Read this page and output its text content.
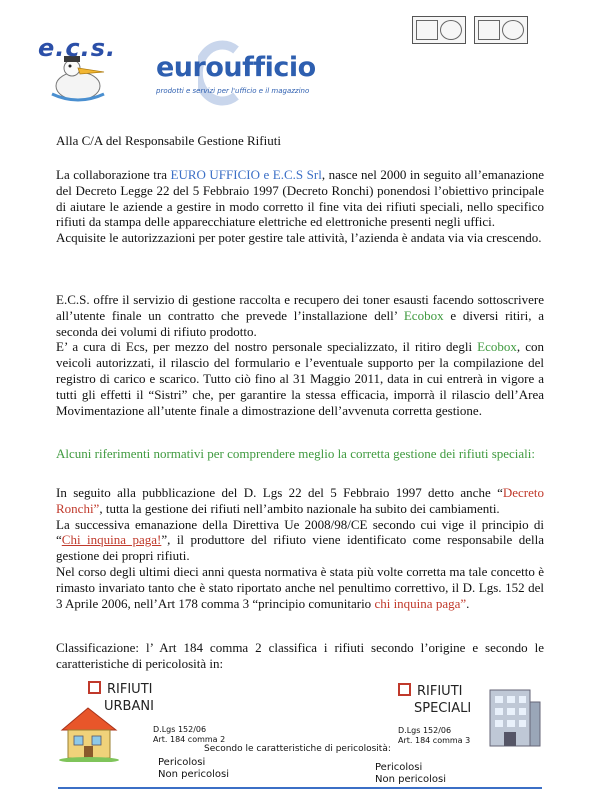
e.c.s.
euroufficio
prodotti e servizi per l'ufficio e il magazzino
Alla C/A del Responsabile Gestione Rifiuti

La collaborazione tra EURO UFFICIO e E.C.S Srl, nasce nel 2000 in seguito all’emanazione del Decreto Legge 22 del 5 Febbraio 1997 (Decreto Ronchi) ponendosi l’obiettivo principale di aiutare le aziende a gestire in modo corretto il fine vita dei rifiuti speciali, nello specifico rifiuti da stampa delle apparecchiature elettriche ed elettroniche presenti negli uffici.

Acquisite le autorizzazioni per poter gestire tale attività, l’azienda è andata via via crescendo.

E.C.S. offre il servizio di gestione raccolta e recupero dei toner esausti facendo sottoscrivere all’utente finale un contratto che prevede l’installazione dell’ Ecobox e diversi ritiri, a seconda dei volumi di rifiuto prodotto.

E’ a cura di Ecs, per mezzo del nostro personale specializzato, il ritiro degli Ecobox, con veicoli autorizzati, il rilascio del formulario e l’eventuale supporto per la compilazione del registro di carico e scarico. Tutto ciò fino al 31 Maggio 2011, data in cui entrerà in vigore a tutti gli effetti il “Sistri” che, per garantire la stessa efficacia, imporrà il rilascio dell’Area Movimentazione all’utente finale a dimostrazione dell’avvenuta corretta gestione.

Alcuni riferimenti normativi per comprendere meglio la corretta gestione dei rifiuti speciali:

In seguito alla pubblicazione del D. Lgs 22 del 5 Febbraio 1997 detto anche “Decreto Ronchi”, tutta la gestione dei rifiuti nell’ambito nazionale ha subito dei cambiamenti.

La successiva emanazione della Direttiva Ue 2008/98/CE secondo cui vige il principio di “Chi inquina paga!”, il produttore del rifiuto viene identificato come responsabile della gestione dei propri rifiuti.

Nel corso degli ultimi dieci anni questa normativa è stata più volte corretta ma tale concetto è rimasto invariato tanto che è stato riportato anche nel penultimo correttivo, il D. Lgs. 152 del 3 Aprile 2006, nell’Art 178 comma 3 “principio comunitario chi inquina paga”.

Classificazione: l’ Art 184 comma 2 classifica i rifiuti secondo l’origine e secondo le caratteristiche di pericolosità in:
RIFIUTI
URBANI
D.Lgs 152/06
Art. 184 comma 2
RIFIUTI
SPECIALI
D.Lgs 152/06
Art. 184 comma 3
Secondo le caratteristiche di pericolosità:
Pericolosi
Non pericolosi
Pericolosi
Non pericolosi
